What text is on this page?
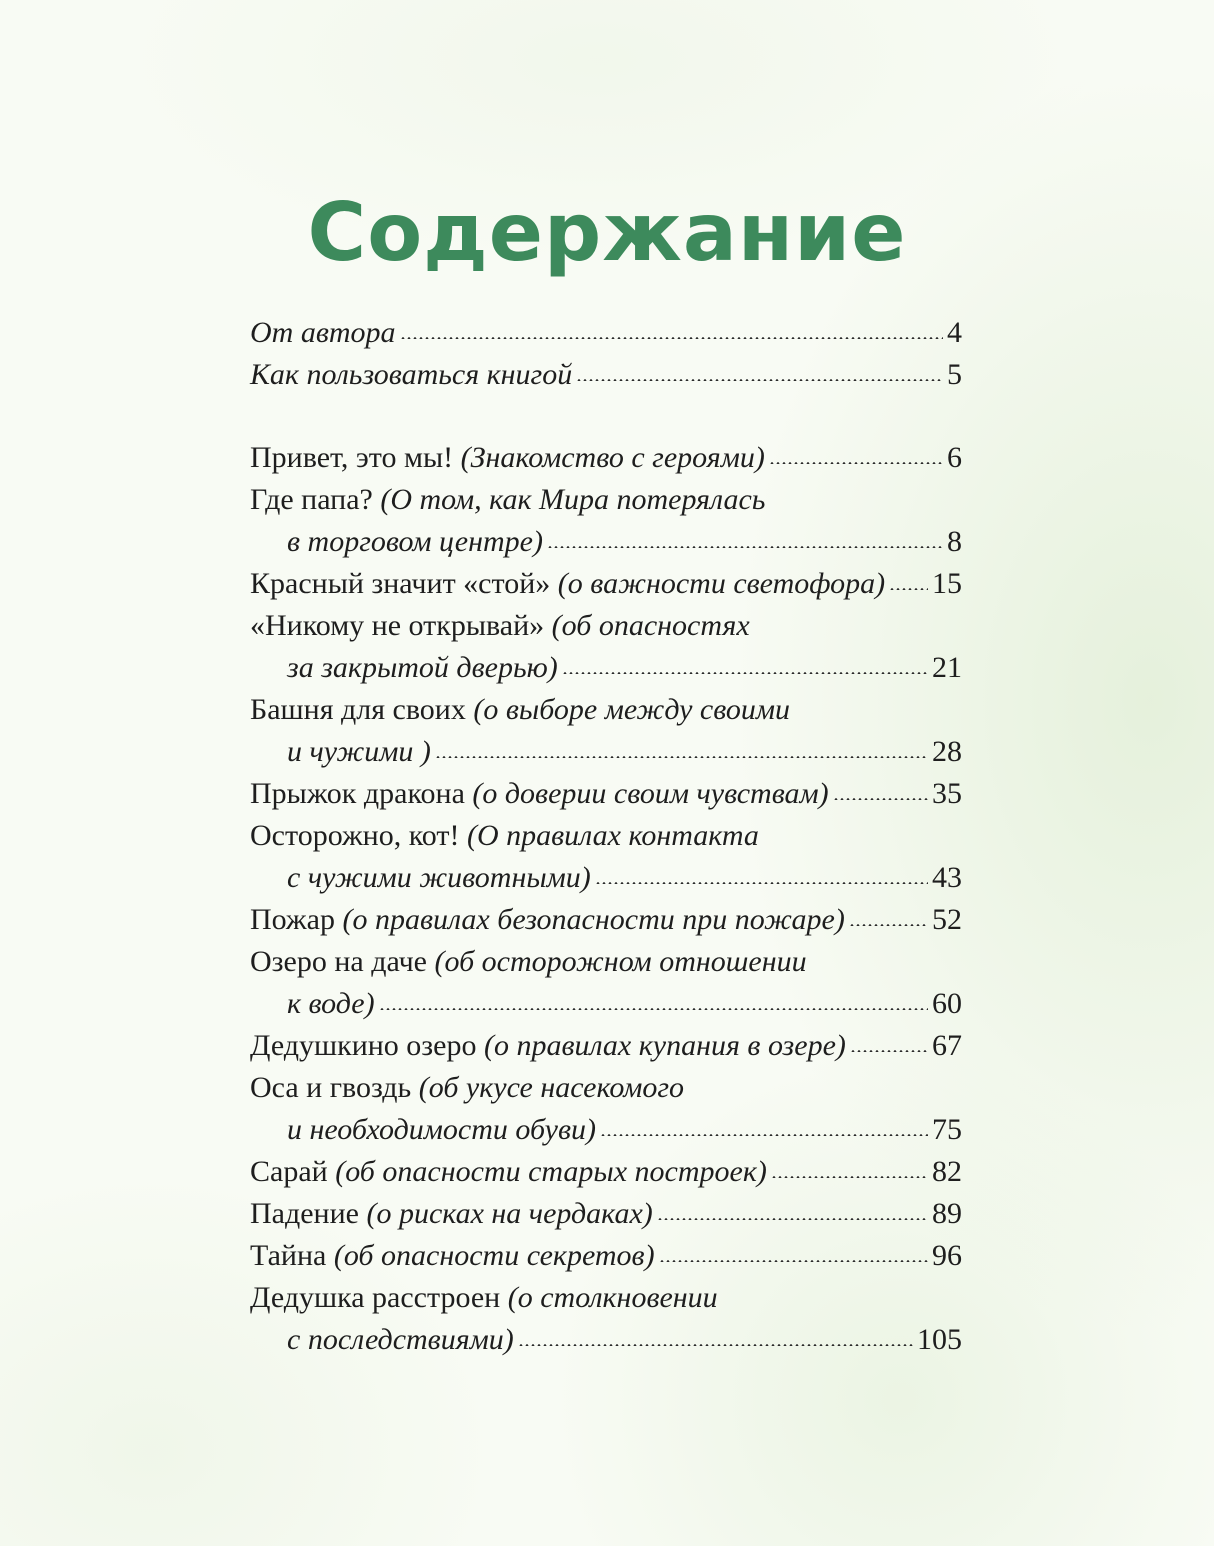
Содержание
От автора	4
Как пользоваться книгой	5
Привет, это мы! (Знакомство с героями)	6
Где папа? (О том, как Мира потерялась
в торговом центре)	8
Красный значит «стой» (о важности светофора) 15
«Никому не открывай» (об опасностях
за закрытой дверью)	21
Башня для своих (о выборе между своими
и чужими )	28
Прыжок дракона (о доверии своим чувствам)	35
Осторожно, кот! (О правилах контакта
с чужими животными)	43
Пожар (о правилах безопасности при пожаре)	52
Озеро на даче (об осторожном отношении
к воде)	60
Дедушкино озеро (о правилах купания в озере)	67
Оса и гвоздь (об укусе насекомого
и необходимости обуви)	75
Сарай (об опасности старых построек)	82
Падение (о рисках на чердаках)	89
Тайна (об опасности секретов)	96
Дедушка расстроен (о столкновении
с последствиями)	105
